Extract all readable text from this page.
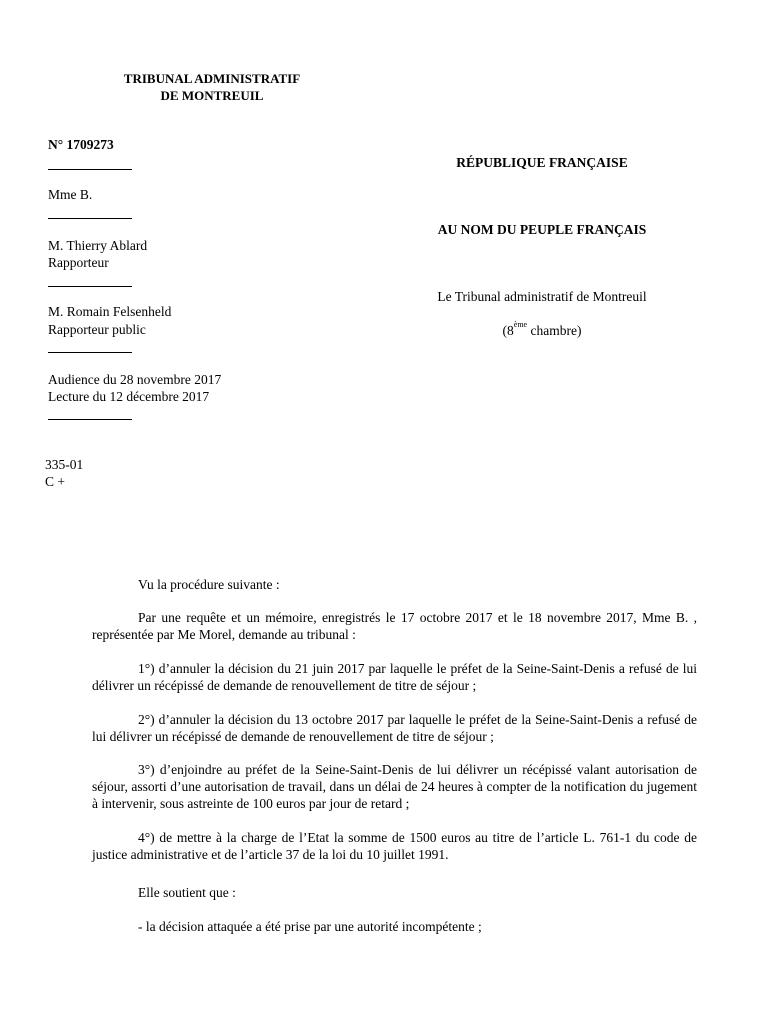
TRIBUNAL ADMINISTRATIF
DE MONTREUIL
N° 1709273
Mme B.
M. Thierry Ablard
Rapporteur
M. Romain Felsenheld
Rapporteur public
Audience du 28 novembre 2017
Lecture du 12 décembre 2017
335-01
C +
RÉPUBLIQUE FRANÇAISE
AU NOM DU PEUPLE FRANÇAIS
Le Tribunal administratif de Montreuil
(8ème chambre)
Vu la procédure suivante :
Par une requête et un mémoire, enregistrés le 17 octobre 2017 et le 18 novembre 2017, Mme B. , représentée par Me Morel, demande au tribunal :
1°) d’annuler la décision du 21 juin 2017 par laquelle le préfet de la Seine-Saint-Denis a refusé de lui délivrer un récépissé de demande de renouvellement de titre de séjour ;
2°) d’annuler la décision du 13 octobre 2017 par laquelle le préfet de la Seine-Saint-Denis a refusé de lui délivrer un récépissé de demande de renouvellement de titre de séjour ;
3°) d’enjoindre au préfet de la Seine-Saint-Denis de lui délivrer un récépissé valant autorisation de séjour, assorti d’une autorisation de travail, dans un délai de 24 heures à compter de la notification du jugement à intervenir, sous astreinte de 100 euros par jour de retard ;
4°) de mettre à la charge de l’Etat la somme de 1500 euros au titre de l’article L. 761-1 du code de justice administrative et de l’article 37 de la loi du 10 juillet 1991.
Elle soutient que :
- la décision attaquée a été prise par une autorité incompétente ;
